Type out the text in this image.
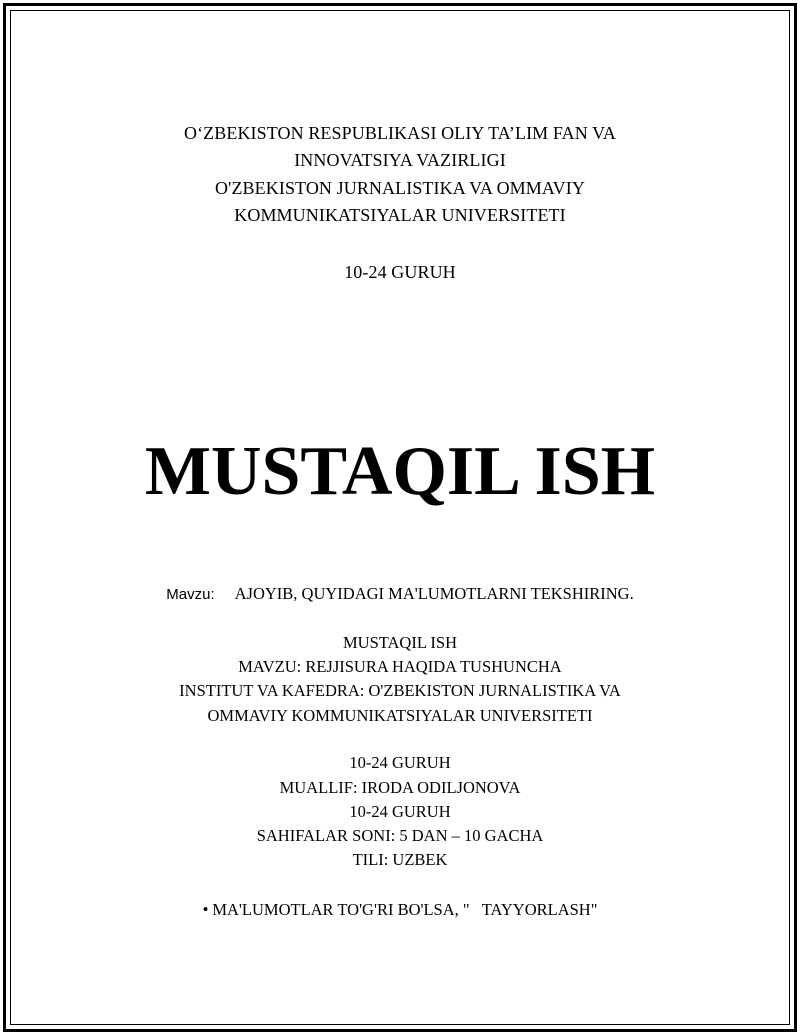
O‘ZBEKISTON RESPUBLIKASI OLIY TA’LIM FAN VA
INNOVATSIYA VAZIRLIGI
O'ZBEKISTON JURNALISTIKA VA OMMAVIY
KOMMUNIKATSIYALAR UNIVERSITETI
10-24 GURUH
MUSTAQIL ISH
Mavzu: AJOYIB, QUYIDAGI MA'LUMOTLARNI TEKSHIRING.
MUSTAQIL ISH
MAVZU: REJJISURA HAQIDA TUSHUNCHA
INSTITUT VA KAFEDRA: O'ZBEKISTON JURNALISTIKA VA
OMMAVIY KOMMUNIKATSIYALAR UNIVERSITETI
10-24 GURUH
MUALLIF: IRODA ODILJONOVA
10-24 GURUH
SAHIFALAR SONI: 5 DAN – 10 GACHA
TILI: UZBEK
• MA'LUMOTLAR TO'G'RI BO'LSA, "   TAYYORLASH"
